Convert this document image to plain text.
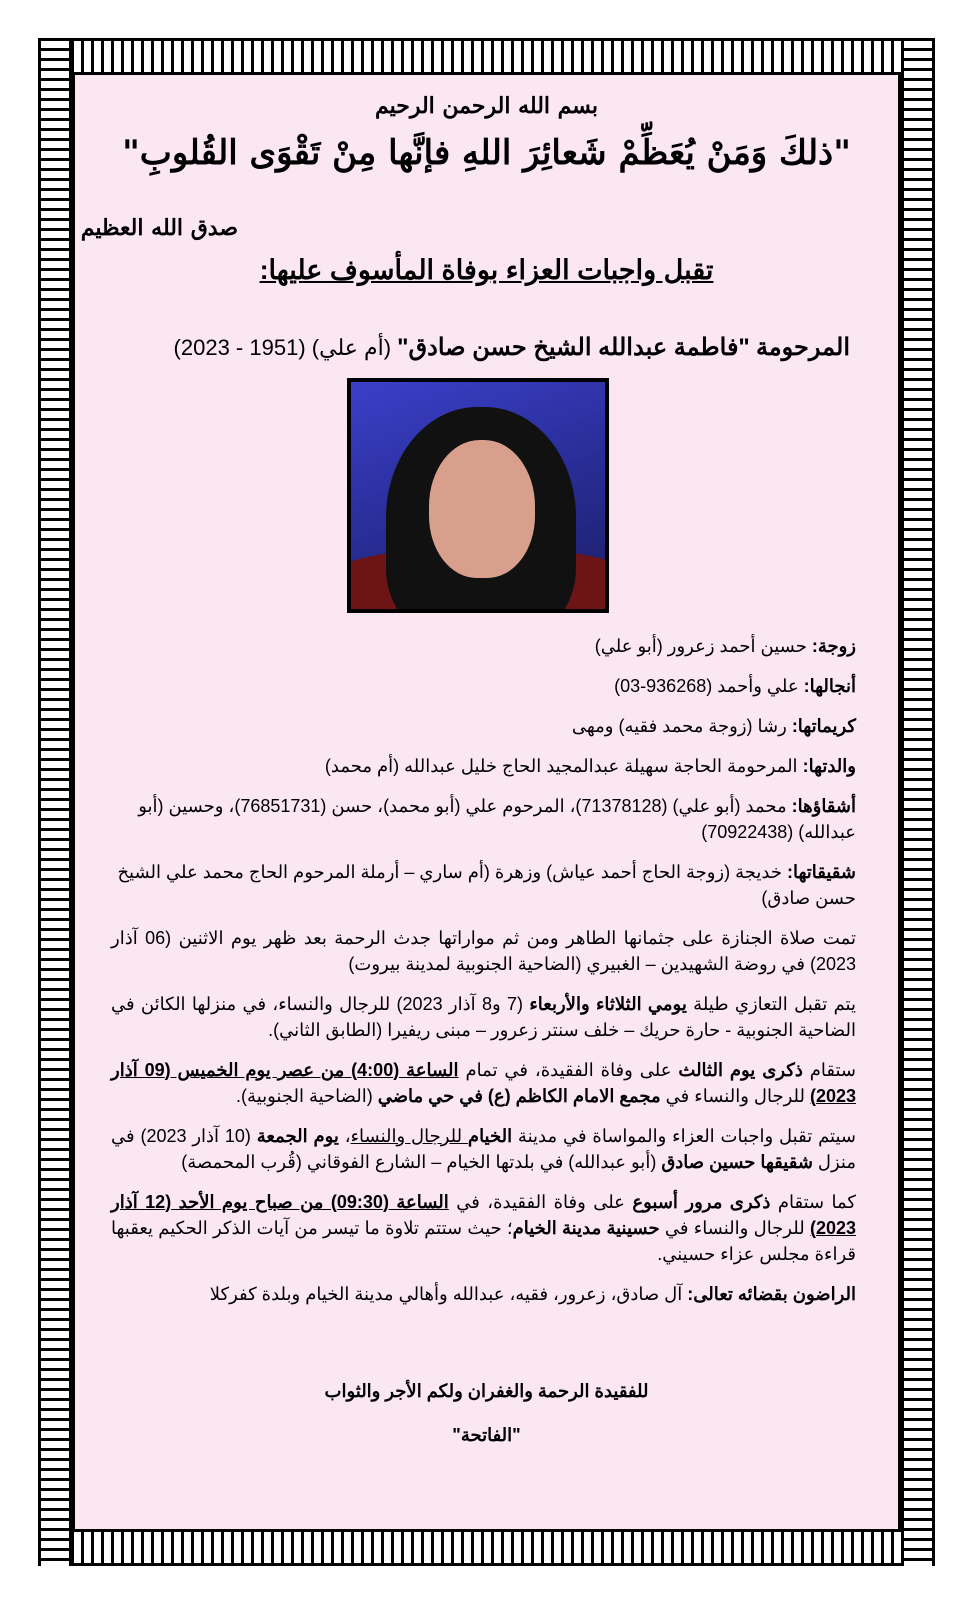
بسم الله الرحمن الرحيم
"ذلكَ وَمَنْ يُعَظِّمْ شَعائِرَ اللهِ فإنَّها مِنْ تَقْوَى القُلوبِ"
صدق الله العظيم
تقبل واجبات العزاء بوفاة المأسوف عليها:
المرحومة "فاطمة عبدالله الشيخ حسن صادق" (أم علي) (1951 - 2023)
زوجة: حسين أحمد زعرور (أبو علي)
أنجالها: علي وأحمد (936268-03)
كريماتها: رشا (زوجة محمد فقيه) ومهى
والدتها: المرحومة الحاجة سهيلة عبدالمجيد الحاج خليل عبدالله (أم محمد)
أشقاؤها: محمد (أبو علي) (71378128)، المرحوم علي (أبو محمد)، حسن (76851731)، وحسين (أبو عبدالله) (70922438)
شقيقاتها: خديجة (زوجة الحاج أحمد عياش) وزهرة (أم ساري – أرملة المرحوم الحاج محمد علي الشيخ حسن صادق)

تمت صلاة الجنازة على جثمانها الطاهر ومن ثم مواراتها جدث الرحمة بعد ظهر يوم الاثنين (06 آذار 2023) في روضة الشهيدين – الغبيري (الضاحية الجنوبية لمدينة بيروت)

يتم تقبل التعازي طيلة يومي الثلاثاء والأربعاء (7 و8 آذار 2023) للرجال والنساء، في منزلها الكائن في الضاحية الجنوبية - حارة حريك – خلف سنتر زعرور – مبنى ريفيرا (الطابق الثاني).

ستقام ذكرى يوم الثالث على وفاة الفقيدة، في تمام الساعة (4:00) من عصر يوم الخميس (09 آذار 2023) للرجال والنساء في مجمع الامام الكاظم (ع) في حي ماضي (الضاحية الجنوبية).

سيتم تقبل واجبات العزاء والمواساة في مدينة الخيام للرجال والنساء، يوم الجمعة (10 آذار 2023) في منزل شقيقها حسين صادق (أبو عبدالله) في بلدتها الخيام – الشارع الفوقاني (قُرب المحمصة)

كما ستقام ذكرى مرور أسبوع على وفاة الفقيدة، في الساعة (09:30) من صباح يوم الأحد (12 آذار 2023) للرجال والنساء في حسينية مدينة الخيام؛ حيث ستتم تلاوة ما تيسر من آيات الذكر الحكيم يعقبها قراءة مجلس عزاء حسيني.

الراضون بقضائه تعالى: آل صادق، زعرور، فقيه، عبدالله وأهالي مدينة الخيام وبلدة كفركلا

للفقيدة الرحمة والغفران ولكم الأجر والثواب
"الفاتحة"
